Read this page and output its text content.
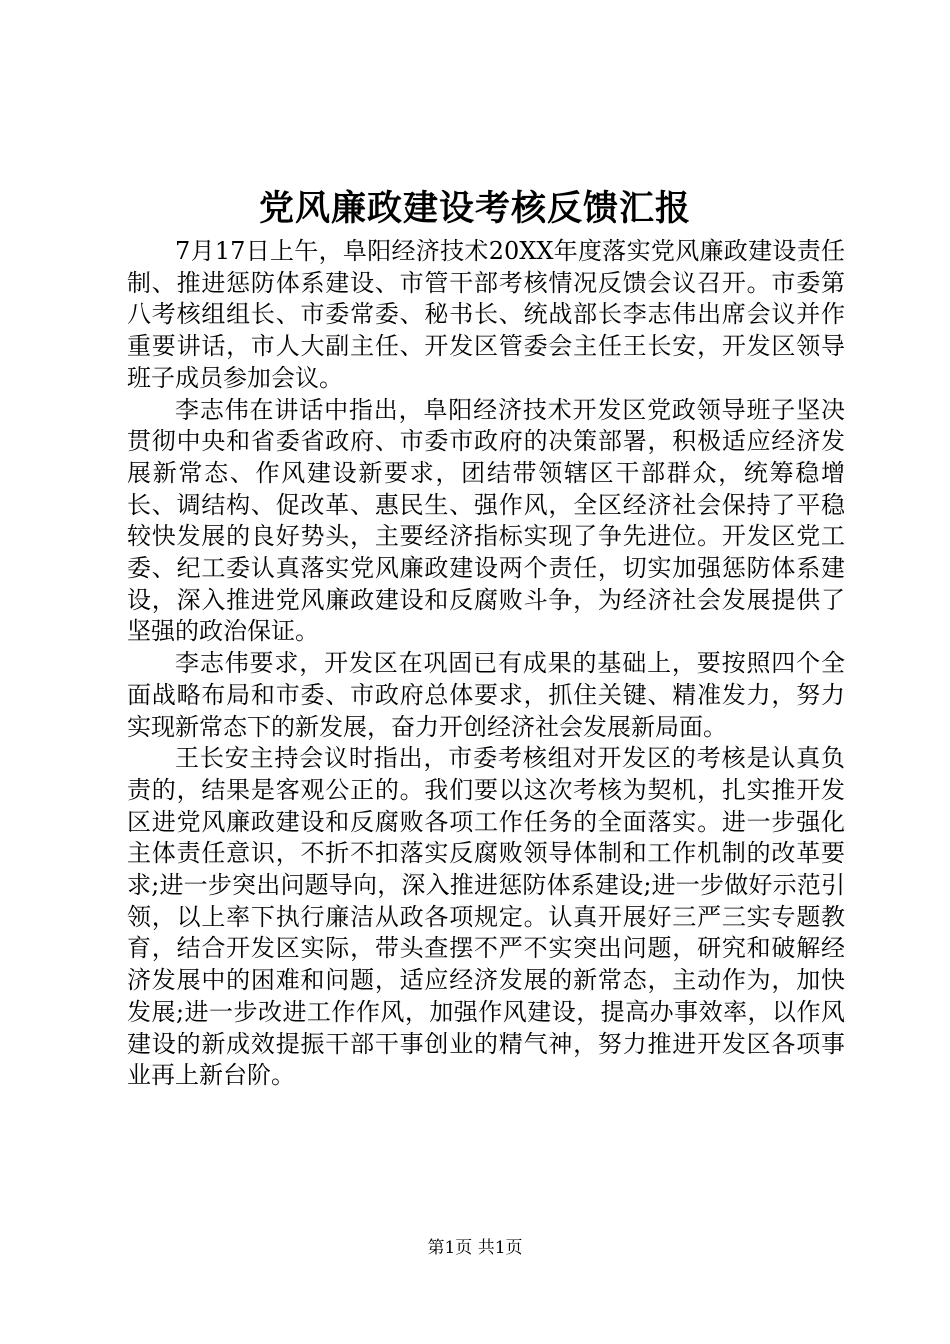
党风廉政建设考核反馈汇报

7月17日上午，阜阳经济技术20XX年度落实党风廉政建设责任制、推进惩防体系建设、市管干部考核情况反馈会议召开。市委第八考核组组长、市委常委、秘书长、统战部长李志伟出席会议并作重要讲话，市人大副主任、开发区管委会主任王长安，开发区领导班子成员参加会议。

李志伟在讲话中指出，阜阳经济技术开发区党政领导班子坚决贯彻中央和省委省政府、市委市政府的决策部署，积极适应经济发展新常态、作风建设新要求，团结带领辖区干部群众，统筹稳增长、调结构、促改革、惠民生、强作风，全区经济社会保持了平稳较快发展的良好势头，主要经济指标实现了争先进位。开发区党工委、纪工委认真落实党风廉政建设两个责任，切实加强惩防体系建设，深入推进党风廉政建设和反腐败斗争，为经济社会发展提供了坚强的政治保证。

李志伟要求，开发区在巩固已有成果的基础上，要按照四个全面战略布局和市委、市政府总体要求，抓住关键、精准发力，努力实现新常态下的新发展，奋力开创经济社会发展新局面。

王长安主持会议时指出，市委考核组对开发区的考核是认真负责的，结果是客观公正的。我们要以这次考核为契机，扎实推开发区进党风廉政建设和反腐败各项工作任务的全面落实。进一步强化主体责任意识，不折不扣落实反腐败领导体制和工作机制的改革要求;进一步突出问题导向，深入推进惩防体系建设;进一步做好示范引领，以上率下执行廉洁从政各项规定。认真开展好三严三实专题教育，结合开发区实际，带头查摆不严不实突出问题，研究和破解经济发展中的困难和问题，适应经济发展的新常态，主动作为，加快发展;进一步改进工作作风，加强作风建设，提高办事效率，以作风建设的新成效提振干部干事创业的精气神，努力推进开发区各项事业再上新台阶。

第1页 共1页
